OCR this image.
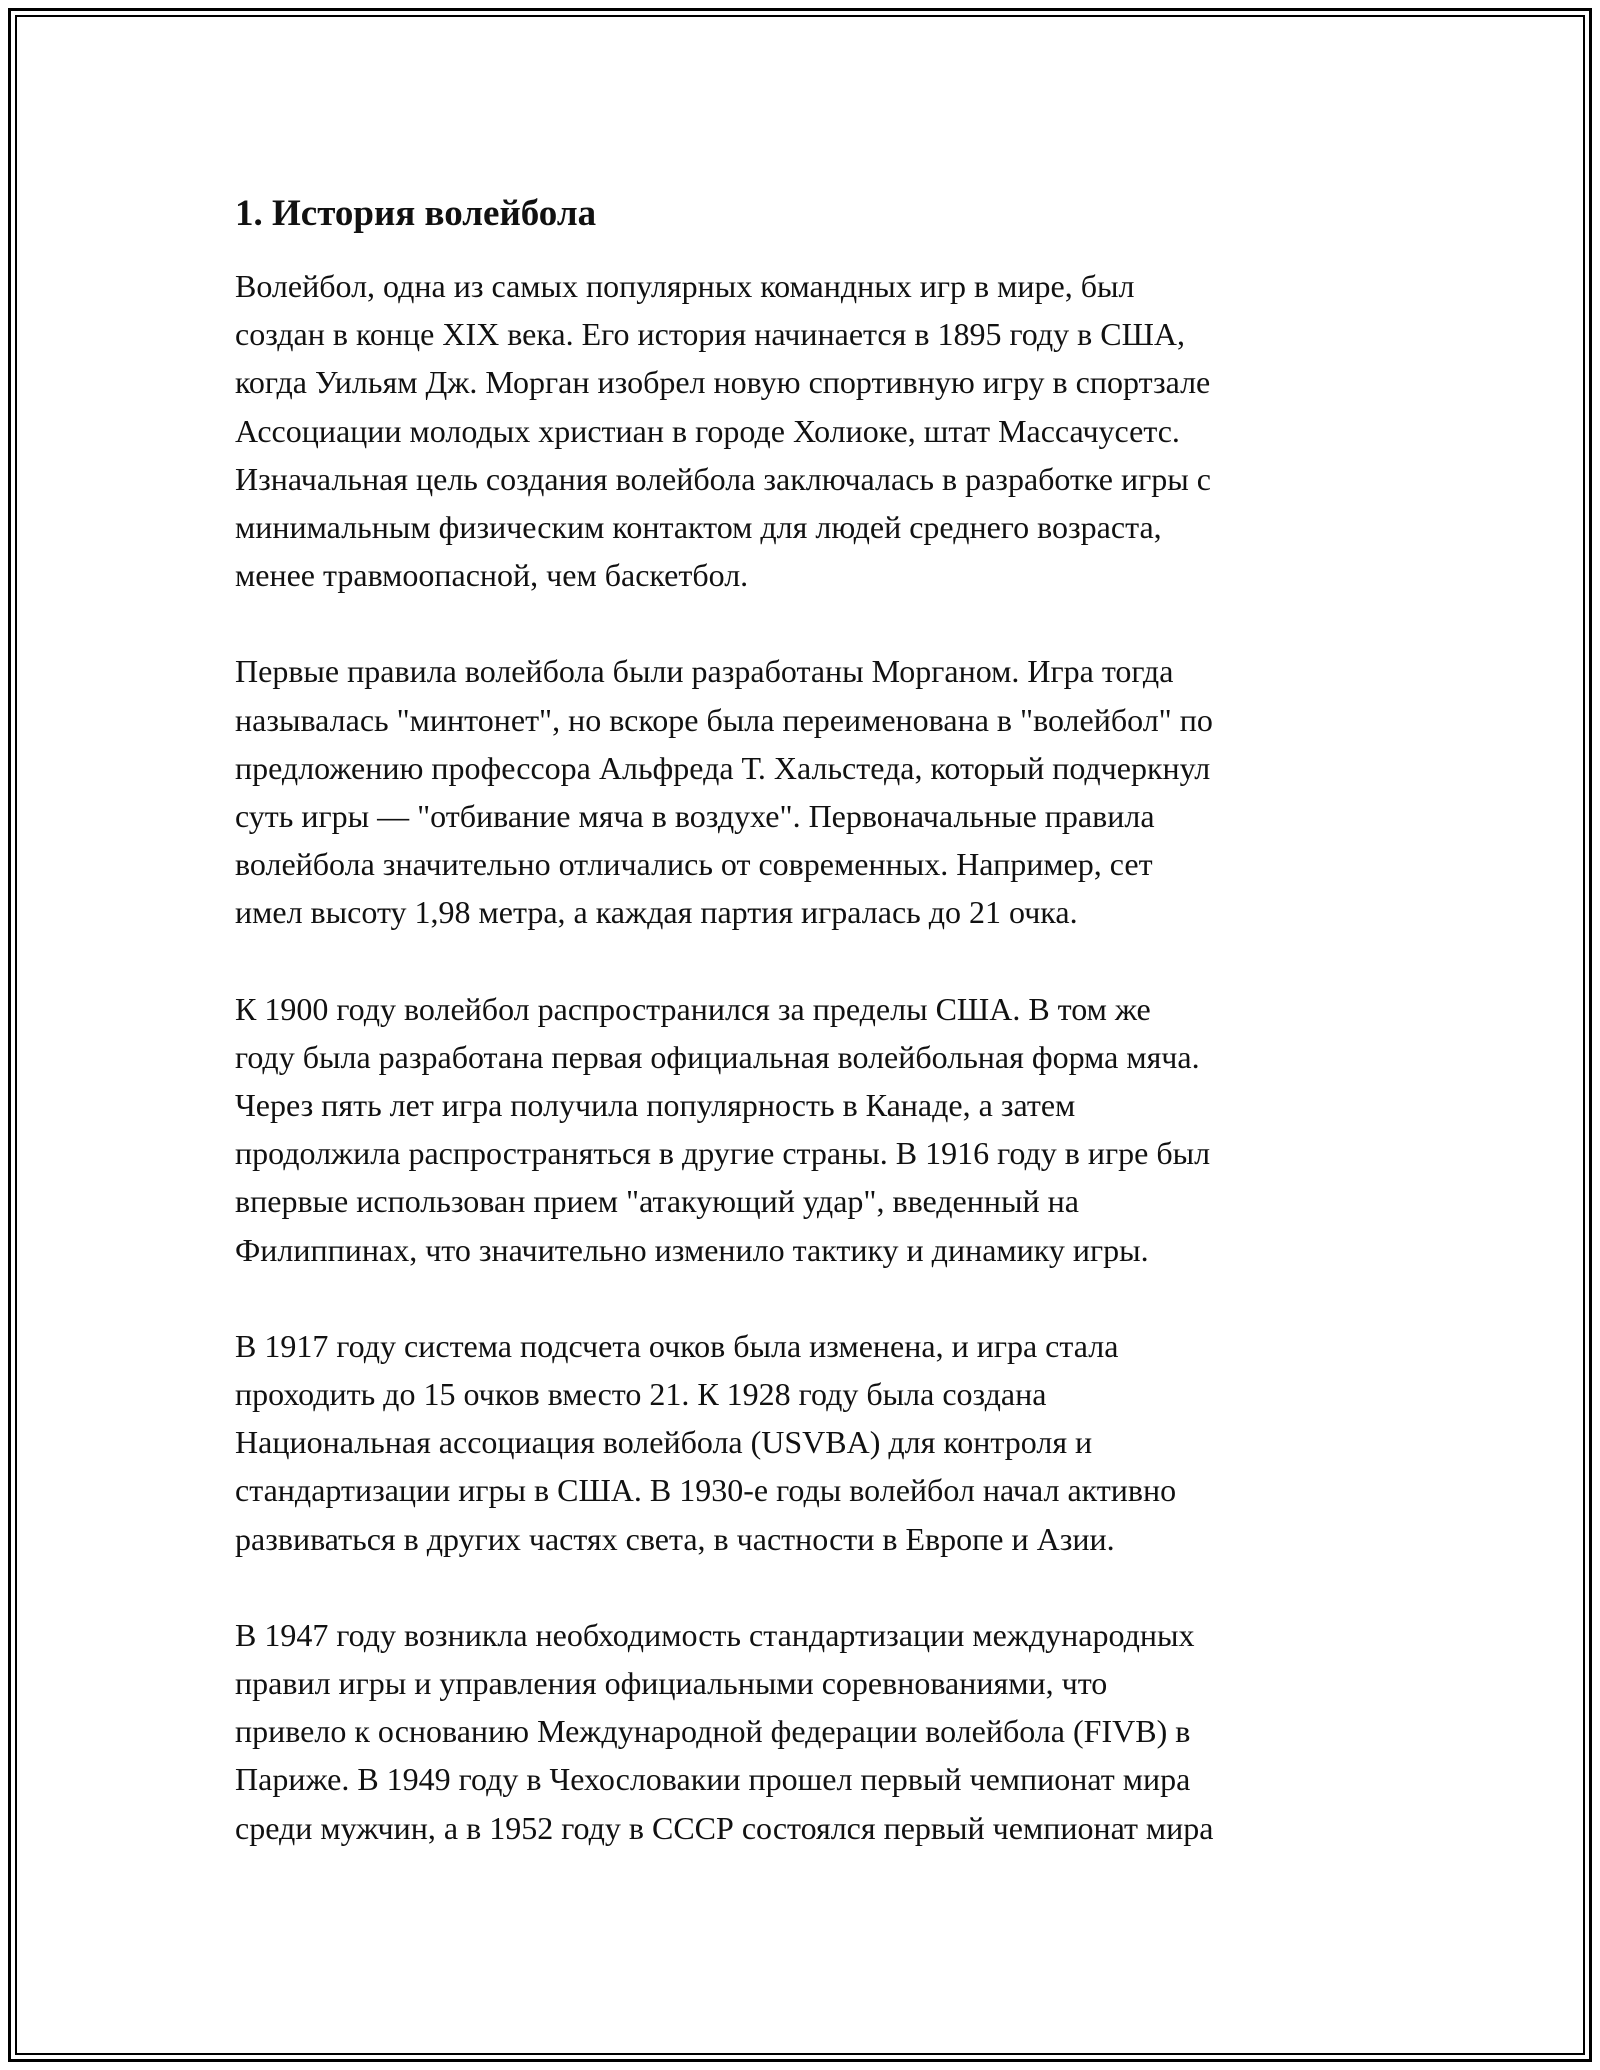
1. История волейбола

Волейбол, одна из самых популярных командных игр в мире, был
создан в конце XIX века. Его история начинается в 1895 году в США,
когда Уильям Дж. Морган изобрел новую спортивную игру в спортзале
Ассоциации молодых христиан в городе Холиоке, штат Массачусетс.
Изначальная цель создания волейбола заключалась в разработке игры с
минимальным физическим контактом для людей среднего возраста,
менее травмоопасной, чем баскетбол.

Первые правила волейбола были разработаны Морганом. Игра тогда
называлась "минтонет", но вскоре была переименована в "волейбол" по
предложению профессора Альфреда Т. Хальстеда, который подчеркнул
суть игры — "отбивание мяча в воздухе". Первоначальные правила
волейбола значительно отличались от современных. Например, сет
имел высоту 1,98 метра, а каждая партия игралась до 21 очка.

К 1900 году волейбол распространился за пределы США. В том же
году была разработана первая официальная волейбольная форма мяча.
Через пять лет игра получила популярность в Канаде, а затем
продолжила распространяться в другие страны. В 1916 году в игре был
впервые использован прием "атакующий удар", введенный на
Филиппинах, что значительно изменило тактику и динамику игры.

В 1917 году система подсчета очков была изменена, и игра стала
проходить до 15 очков вместо 21. К 1928 году была создана
Национальная ассоциация волейбола (USVBA) для контроля и
стандартизации игры в США. В 1930-е годы волейбол начал активно
развиваться в других частях света, в частности в Европе и Азии.

В 1947 году возникла необходимость стандартизации международных
правил игры и управления официальными соревнованиями, что
привело к основанию Международной федерации волейбола (FIVB) в
Париже. В 1949 году в Чехословакии прошел первый чемпионат мира
среди мужчин, а в 1952 году в СССР состоялся первый чемпионат мира
